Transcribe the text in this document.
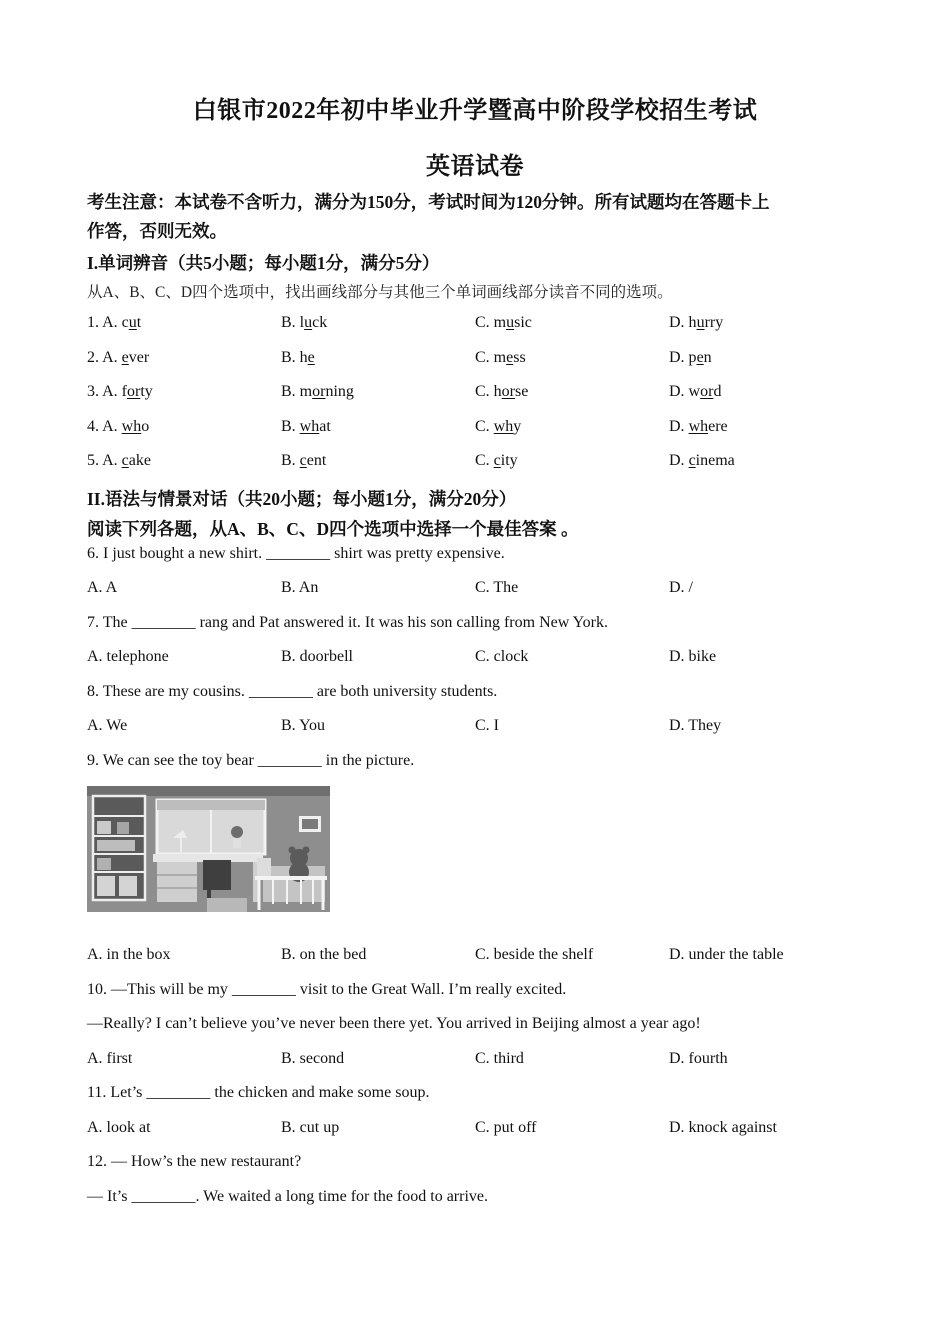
白银市2022年初中毕业升学暨高中阶段学校招生考试
英语试卷
考生注意：本试卷不含听力，满分为150分，考试时间为120分钟。所有试题均在答题卡上
作答，否则无效。
I.单词辨音（共5小题；每小题1分，满分5分）
从A、B、C、D四个选项中，找出画线部分与其他三个单词画线部分读音不同的选项。
1. A. cut	B. luck	C. music	D. hurry
2. A. ever	B. he	C. mess	D. pen
3. A. forty	B. morning	C. horse	D. word
4. A. who	B. what	C. why	D. where
5. A. cake	B. cent	C. city	D. cinema
II.语法与情景对话（共20小题；每小题1分，满分20分）
阅读下列各题，从A、B、C、D四个选项中选择一个最佳答案 。
6. I just bought a new shirt. ________ shirt was pretty expensive.
A. A	B. An	C. The	D. /
7. The ________ rang and Pat answered it. It was his son calling from New York.
A. telephone	B. doorbell	C. clock	D. bike
8. These are my cousins. ________ are both university students.
A. We	B. You	C. I	D. They
9. We can see the toy bear ________ in the picture.
A. in the box	B. on the bed	C. beside the shelf	D. under the table
10. —This will be my ________ visit to the Great Wall. I’m really excited.
—Really? I can’t believe you’ve never been there yet. You arrived in Beijing almost a year ago!
A. first	B. second	C. third	D. fourth
11. Let’s ________ the chicken and make some soup.
A. look at	B. cut up	C. put off	D. knock against
12. — How’s the new restaurant?
— It’s ________. We waited a long time for the food to arrive.
